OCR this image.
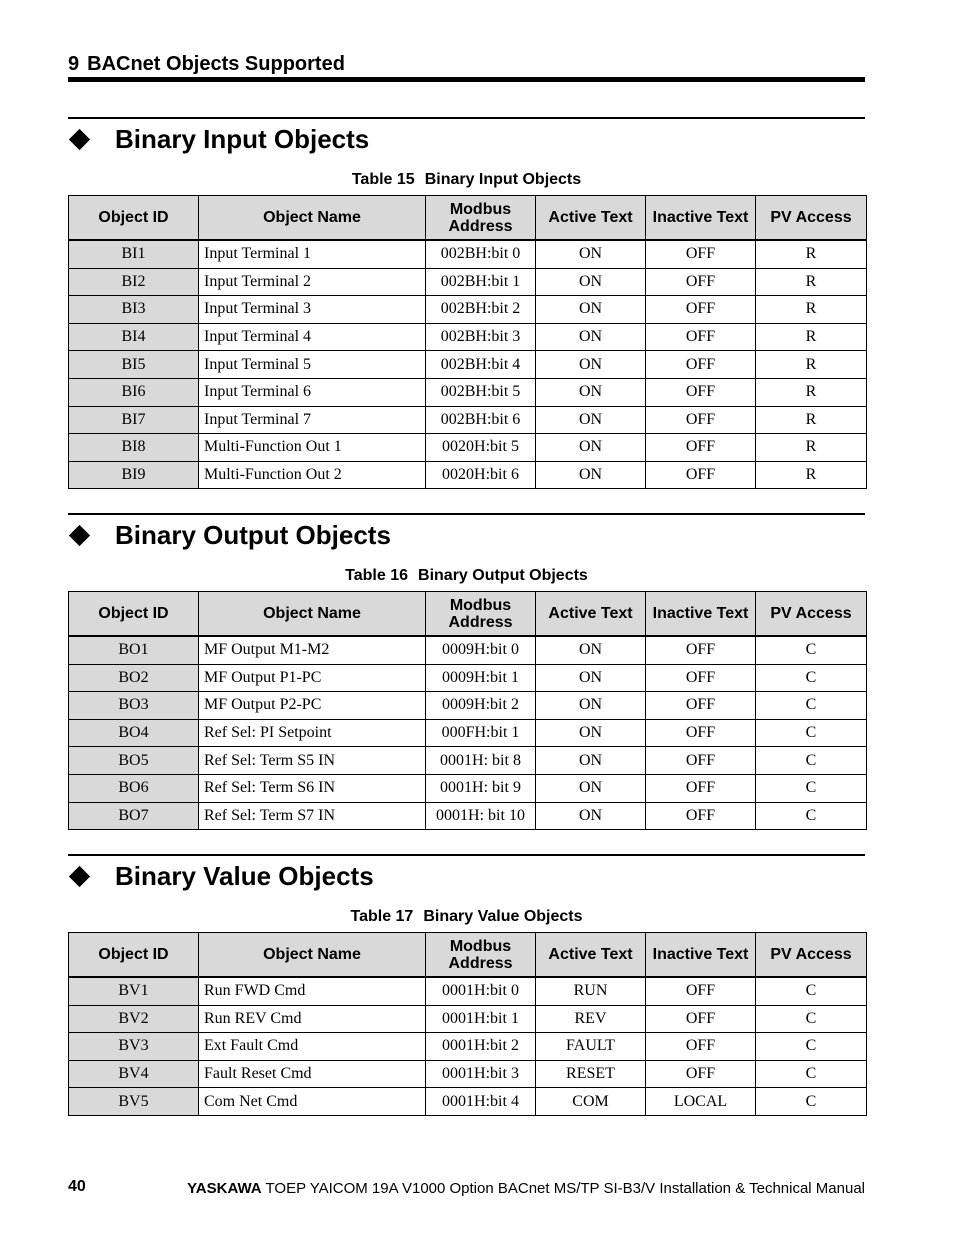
9 BACnet Objects Supported
Binary Input Objects
Table 15 Binary Input Objects
Object ID	Object Name	Modbus Address	Active Text	Inactive Text	PV Access
BI1	Input Terminal 1	002BH:bit 0	ON	OFF	R
BI2	Input Terminal 2	002BH:bit 1	ON	OFF	R
BI3	Input Terminal 3	002BH:bit 2	ON	OFF	R
BI4	Input Terminal 4	002BH:bit 3	ON	OFF	R
BI5	Input Terminal 5	002BH:bit 4	ON	OFF	R
BI6	Input Terminal 6	002BH:bit 5	ON	OFF	R
BI7	Input Terminal 7	002BH:bit 6	ON	OFF	R
BI8	Multi-Function Out 1	0020H:bit 5	ON	OFF	R
BI9	Multi-Function Out 2	0020H:bit 6	ON	OFF	R
Binary Output Objects
Table 16 Binary Output Objects
Object ID	Object Name	Modbus Address	Active Text	Inactive Text	PV Access
BO1	MF Output M1-M2	0009H:bit 0	ON	OFF	C
BO2	MF Output P1-PC	0009H:bit 1	ON	OFF	C
BO3	MF Output P2-PC	0009H:bit 2	ON	OFF	C
BO4	Ref Sel: PI Setpoint	000FH:bit 1	ON	OFF	C
BO5	Ref Sel: Term S5 IN	0001H: bit 8	ON	OFF	C
BO6	Ref Sel: Term S6 IN	0001H: bit 9	ON	OFF	C
BO7	Ref Sel: Term S7 IN	0001H: bit 10	ON	OFF	C
Binary Value Objects
Table 17 Binary Value Objects
Object ID	Object Name	Modbus Address	Active Text	Inactive Text	PV Access
BV1	Run FWD Cmd	0001H:bit 0	RUN	OFF	C
BV2	Run REV Cmd	0001H:bit 1	REV	OFF	C
BV3	Ext Fault Cmd	0001H:bit 2	FAULT	OFF	C
BV4	Fault Reset Cmd	0001H:bit 3	RESET	OFF	C
BV5	Com Net Cmd	0001H:bit 4	COM	LOCAL	C
40	YASKAWA TOEP YAICOM 19A V1000 Option BACnet MS/TP SI-B3/V Installation & Technical Manual
